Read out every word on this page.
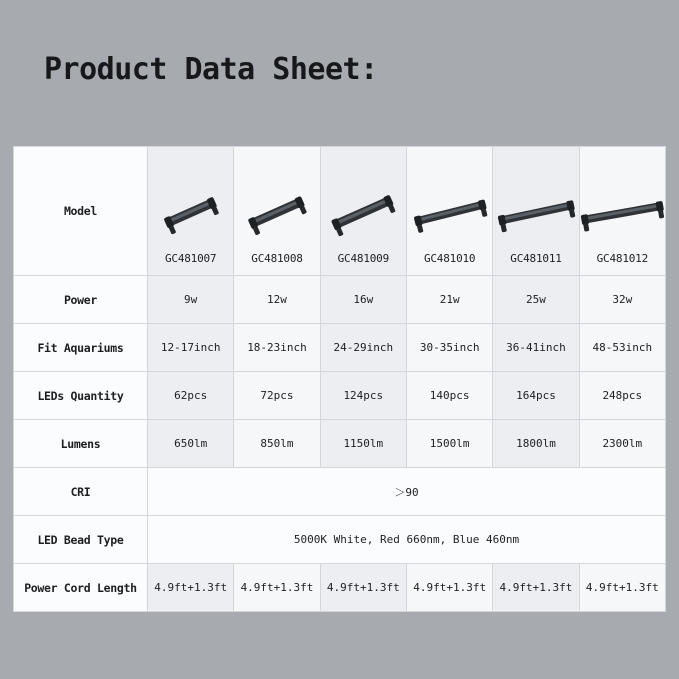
Product Data Sheet:
Model	GC481007	GC481008	GC481009	GC481010	GC481011	GC481012

Power	9w	12w	16w	21w	25w	32w
Fit Aquariums	12-17inch	18-23inch	24-29inch	30-35inch	36-41inch	48-53inch
LEDs Quantity	62pcs	72pcs	124pcs	140pcs	164pcs	248pcs
Lumens	650lm	850lm	1150lm	1500lm	1800lm	2300lm
CRI	＞90					
LED Bead Type	5000K White, Red 660nm, Blue 460nm					
Power Cord Length	4.9ft+1.3ft	4.9ft+1.3ft	4.9ft+1.3ft	4.9ft+1.3ft	4.9ft+1.3ft	4.9ft+1.3ft
